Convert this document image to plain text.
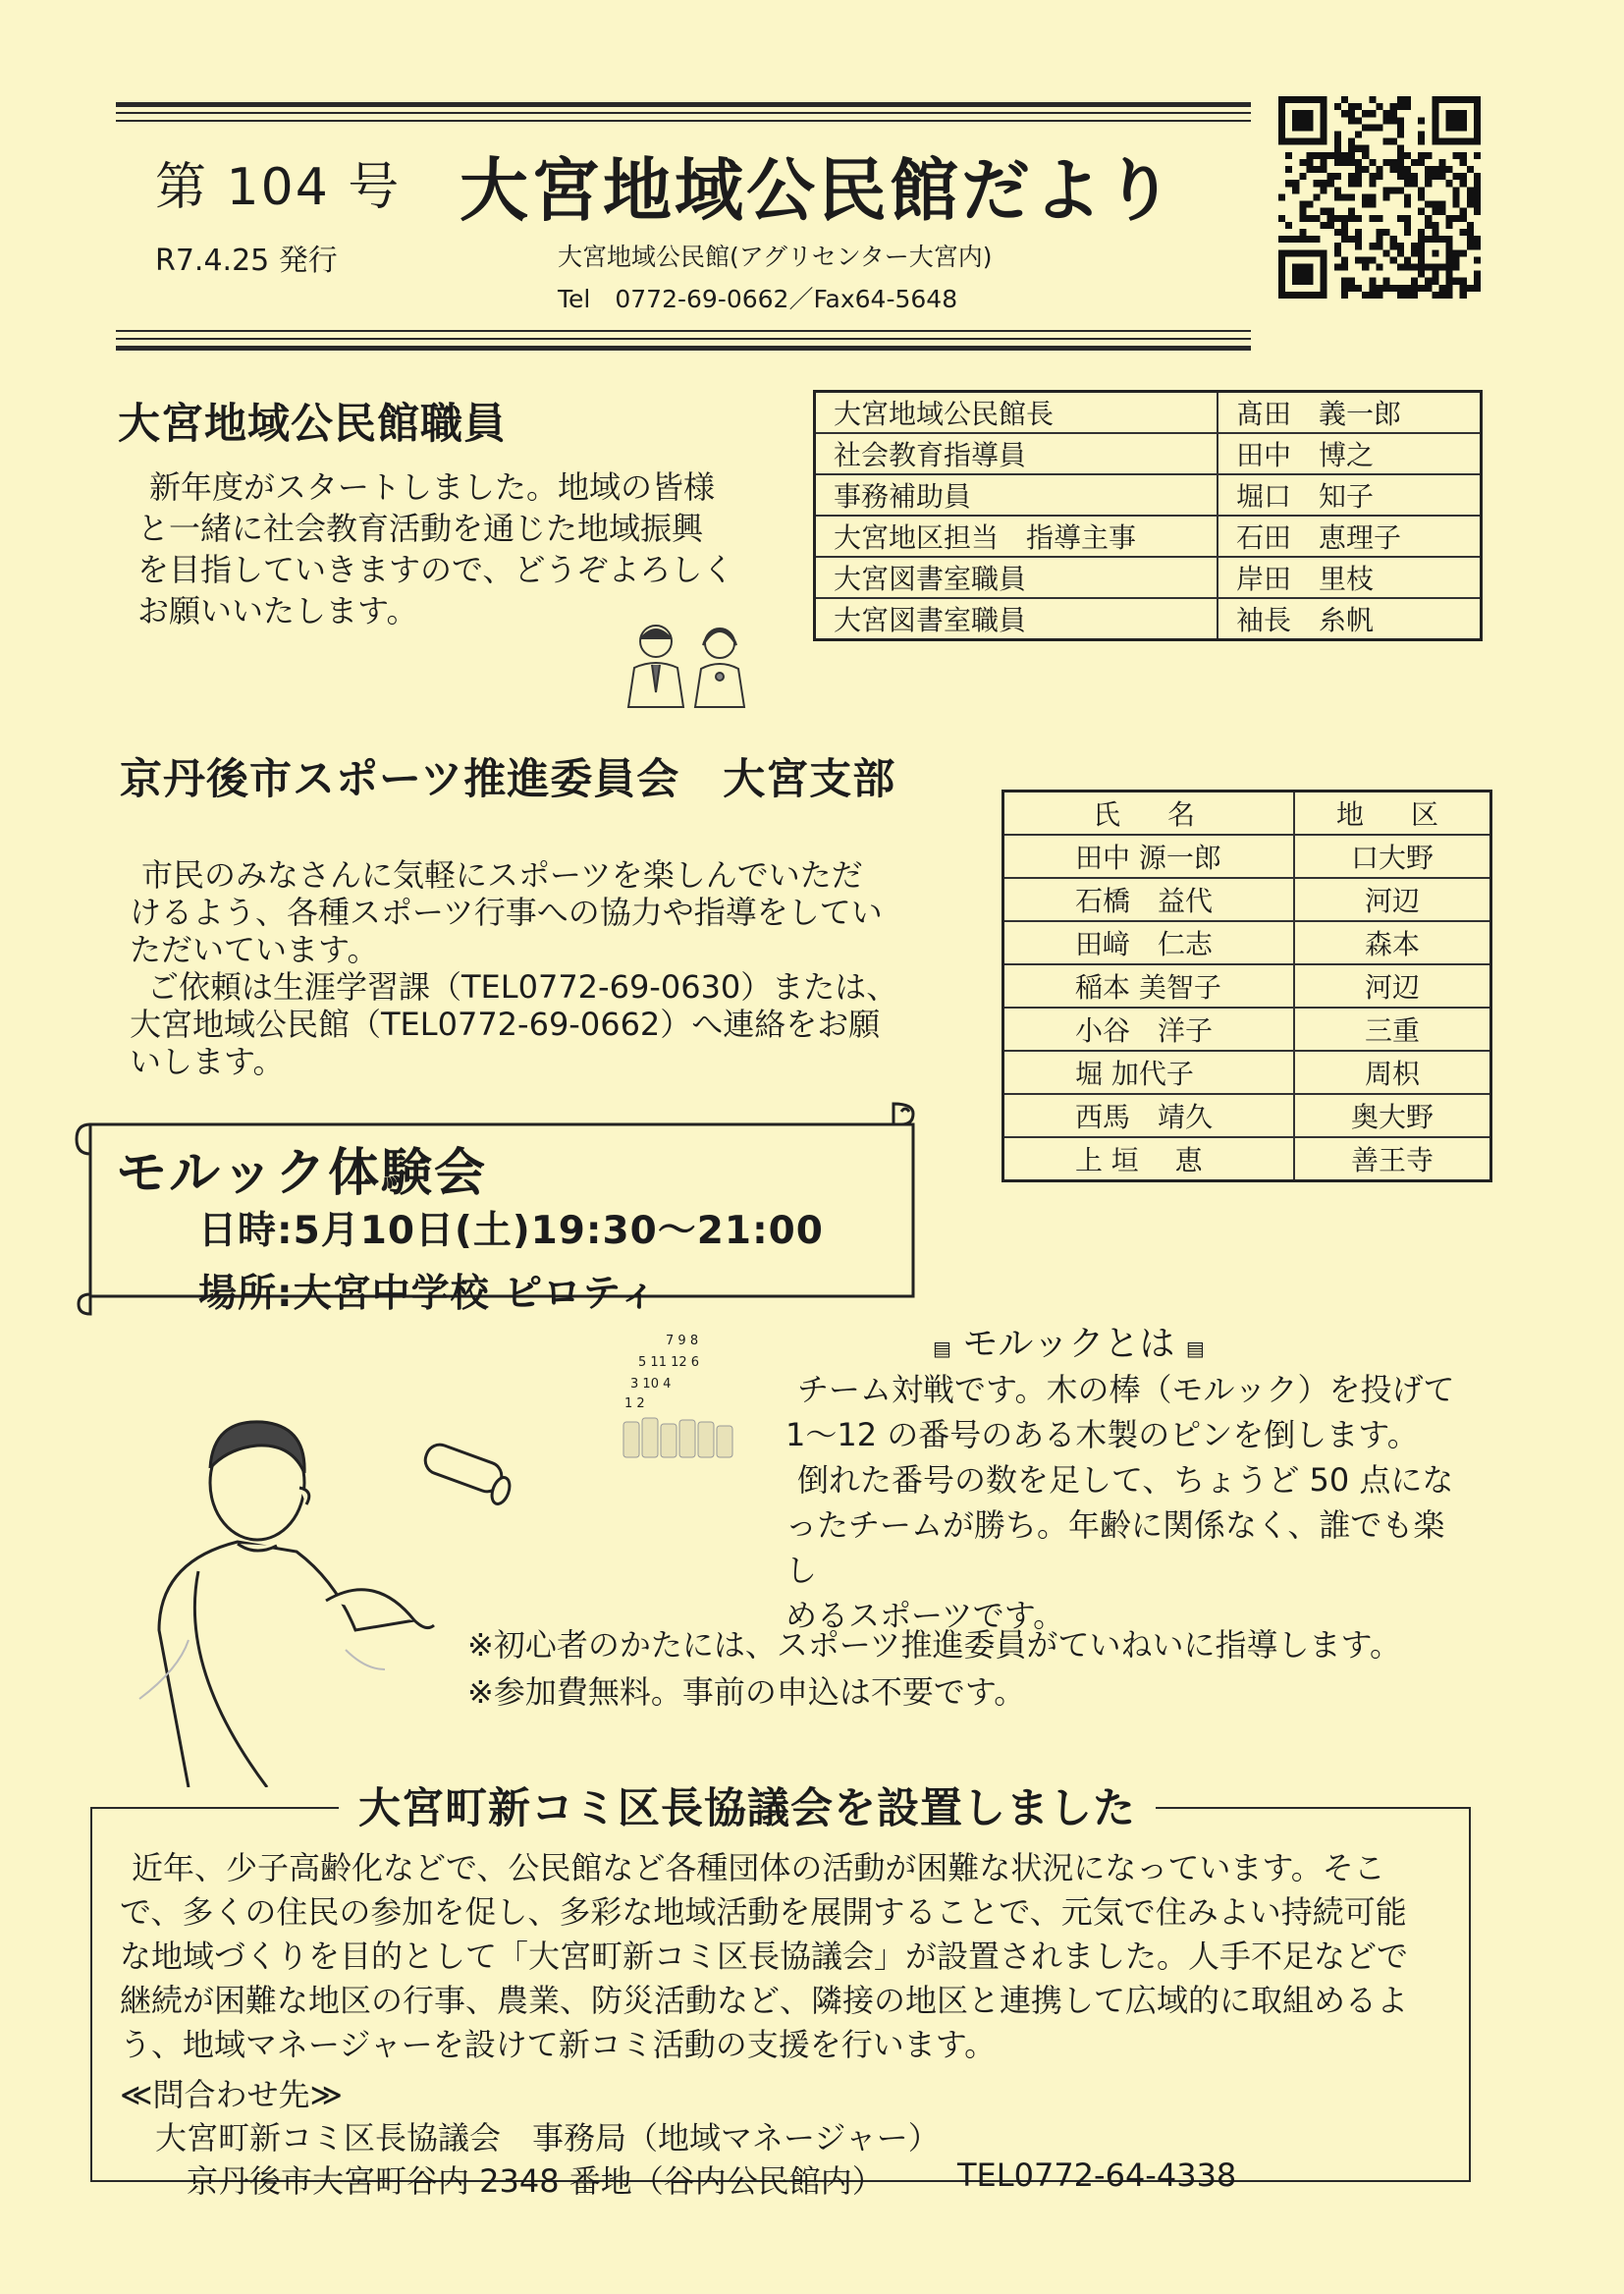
第 104 号 大宮地域公民館だより
R7.4.25 発行	大宮地域公民館(アグリセンター大宮内)
Tel　0772-69-0662／Fax64-5648
大宮地域公民館職員
新年度がスタートしました。地域の皆様
と一緒に社会教育活動を通じた地域振興
を目指していきますので、どうぞよろしく
お願いいたします。
大宮地域公民館長	髙田　義一郎
社会教育指導員	田中　博之
事務補助員	堀口　知子
大宮地区担当　指導主事	石田　恵理子
大宮図書室職員	岸田　里枝
大宮図書室職員	袖長　糸帆
京丹後市スポーツ推進委員会　大宮支部
氏　名	地　区
田中 源一郎	口大野
石橋　益代	河辺
田﨑　仁志	森本
稲本 美智子	河辺
小谷　洋子	三重
堀 加代子	周枳
西馬　靖久	奥大野
上 垣　 恵	善王寺
市民のみなさんに気軽にスポーツを楽しんでいただ
けるよう、各種スポーツ行事への協力や指導をしてい
ただいています。
ご依頼は生涯学習課（TEL0772-69-0630）または、
大宮地域公民館（TEL0772-69-0662）へ連絡をお願
いします。
モルック体験会
日時:5月10日(土)19:30～21:00
場所:大宮中学校 ピロティ
7 9 8
5 11 12 6
3 10 4
1 2
▤ モルックとは ▤
チーム対戦です。木の棒（モルック）を投げて
1～12 の番号のある木製のピンを倒します。
倒れた番号の数を足して、ちょうど 50 点にな
ったチームが勝ち。年齢に関係なく、誰でも楽し
めるスポーツです。
※初心者のかたには、スポーツ推進委員がていねいに指導します。
※参加費無料。事前の申込は不要です。
大宮町新コミ区長協議会を設置しました
近年、少子高齢化などで、公民館など各種団体の活動が困難な状況になっています。そこ
で、多くの住民の参加を促し、多彩な地域活動を展開することで、元気で住みよい持続可能
な地域づくりを目的として「大宮町新コミ区長協議会」が設置されました。人手不足などで
継続が困難な地区の行事、農業、防災活動など、隣接の地区と連携して広域的に取組めるよ
う、地域マネージャーを設けて新コミ活動の支援を行います。
≪問合わせ先≫
大宮町新コミ区長協議会　事務局（地域マネージャー）
京丹後市大宮町谷内 2348 番地（谷内公民館内） TEL0772-64-4338
